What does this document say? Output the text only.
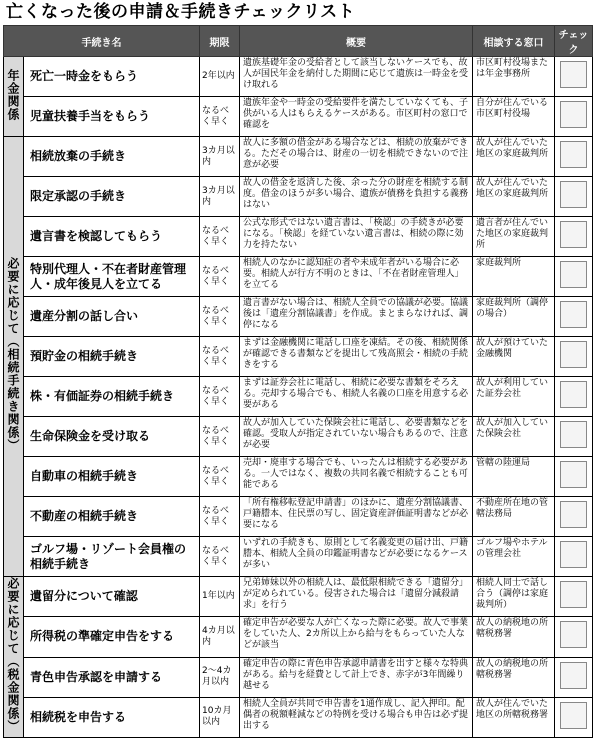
亡くなった後の申請＆手続きチェックリスト
手続き名		期限	概要	相談する窓口	チェック
年金関係	死亡一時金をもらう	2年以内	遺族基礎年金の受給者として該当しないケースでも、故人が国民年金を納付した期間に応じて遺族は一時金を受け取れる	市区町村役場または年金事務所	
	児童扶養手当をもらう	なるべく早く	遺族年金や一時金の受給要件を満たしていなくても、子供がいる人はもらえるケースがある。市区町村の窓口で確認を	自分が住んでいる市区町村役場	
必要に応じて（相続手続き関係）	相続放棄の手続き	3カ月以内	故人に多額の借金がある場合などは、相続の放棄ができる。ただその場合は、財産の一切を相続できないので注意が必要	故人が住んでいた地区の家庭裁判所	
	限定承認の手続き	3カ月以内	故人の借金を返済した後、余った分の財産を相続する制度。借金のほうが多い場合、遺族が債務を負担する義務はない	故人が住んでいた地区の家庭裁判所	
	遺言書を検認してもらう	なるべく早く	公式な形式ではない遺言書は、「検認」の手続きが必要になる。「検認」を経ていない遺言書は、相続の際に効力を持たない	遺言者が住んでいた地区の家庭裁判所	
	特別代理人・不在者財産管理人・成年後見人を立てる	なるべく早く	相続人のなかに認知症の者や未成年者がいる場合に必要。相続人が行方不明のときは、「不在者財産管理人」を立てる	家庭裁判所	
	遺産分割の話し合い	なるべく早く	遺言書がない場合は、相続人全員での協議が必要。協議後は「遺産分割協議書」を作成。まとまらなければ、調停になる	家庭裁判所（調停の場合）	
	預貯金の相続手続き	なるべく早く	まずは金融機関に電話し口座を凍結。その後、相続関係が確認できる書類などを提出して残高照会・相続の手続きをする	故人が預けていた金融機関	
	株・有価証券の相続手続き	なるべく早く	まずは証券会社に電話し、相続に必要な書類をそろえる。売却する場合でも、相続人名義の口座を用意する必要がある	故人が利用していた証券会社	
	生命保険金を受け取る	なるべく早く	故人が加入していた保険会社に電話し、必要書類などを確認。受取人が指定されていない場合もあるので、注意が必要	故人が加入していた保険会社	
	自動車の相続手続き	なるべく早く	売却・廃車する場合でも、いったんは相続する必要がある。一人ではなく、複数の共同名義で相続することも可能である	管轄の陸運局	
	不動産の相続手続き	なるべく早く	「所有権移転登記申請書」のほかに、遺産分割協議書、戸籍謄本、住民票の写し、固定資産評価証明書などが必要になる	不動産所在地の管轄法務局	
	ゴルフ場・リゾート会員権の相続手続き	なるべく早く	いずれの手続きも、原則として名義変更の届け出、戸籍謄本、相続人全員の印鑑証明書などが必要になるケースが多い	ゴルフ場やホテルの管理会社	
必要に応じて（税金関係）	遺留分について確認	1年以内	兄弟姉妹以外の相続人は、最低限相続できる「遺留分」が定められている。侵害された場合は「遺留分減殺請求」を行う	相続人同士で話し合う（調停は家庭裁判所）	
	所得税の準確定申告をする	4カ月以内	確定申告が必要な人が亡くなった際に必要。故人で事業をしていた人、2カ所以上から給与をもらっていた人などが該当	故人の納税地の所轄税務署	
	青色申告承認を申請する	2～4カ月以内	確定申告の際に青色申告承認申請書を出すと様々な特典がある。給与を経費として計上でき、赤字が3年間繰り越せる	故人の納税地の所轄税務署	
	相続税を申告する	10カ月以内	相続人全員が共同で申告書を1通作成し、記入押印。配偶者の税額軽減などの特例を受ける場合も申告は必ず提出する	故人が住んでいた地区の所轄税務署	
